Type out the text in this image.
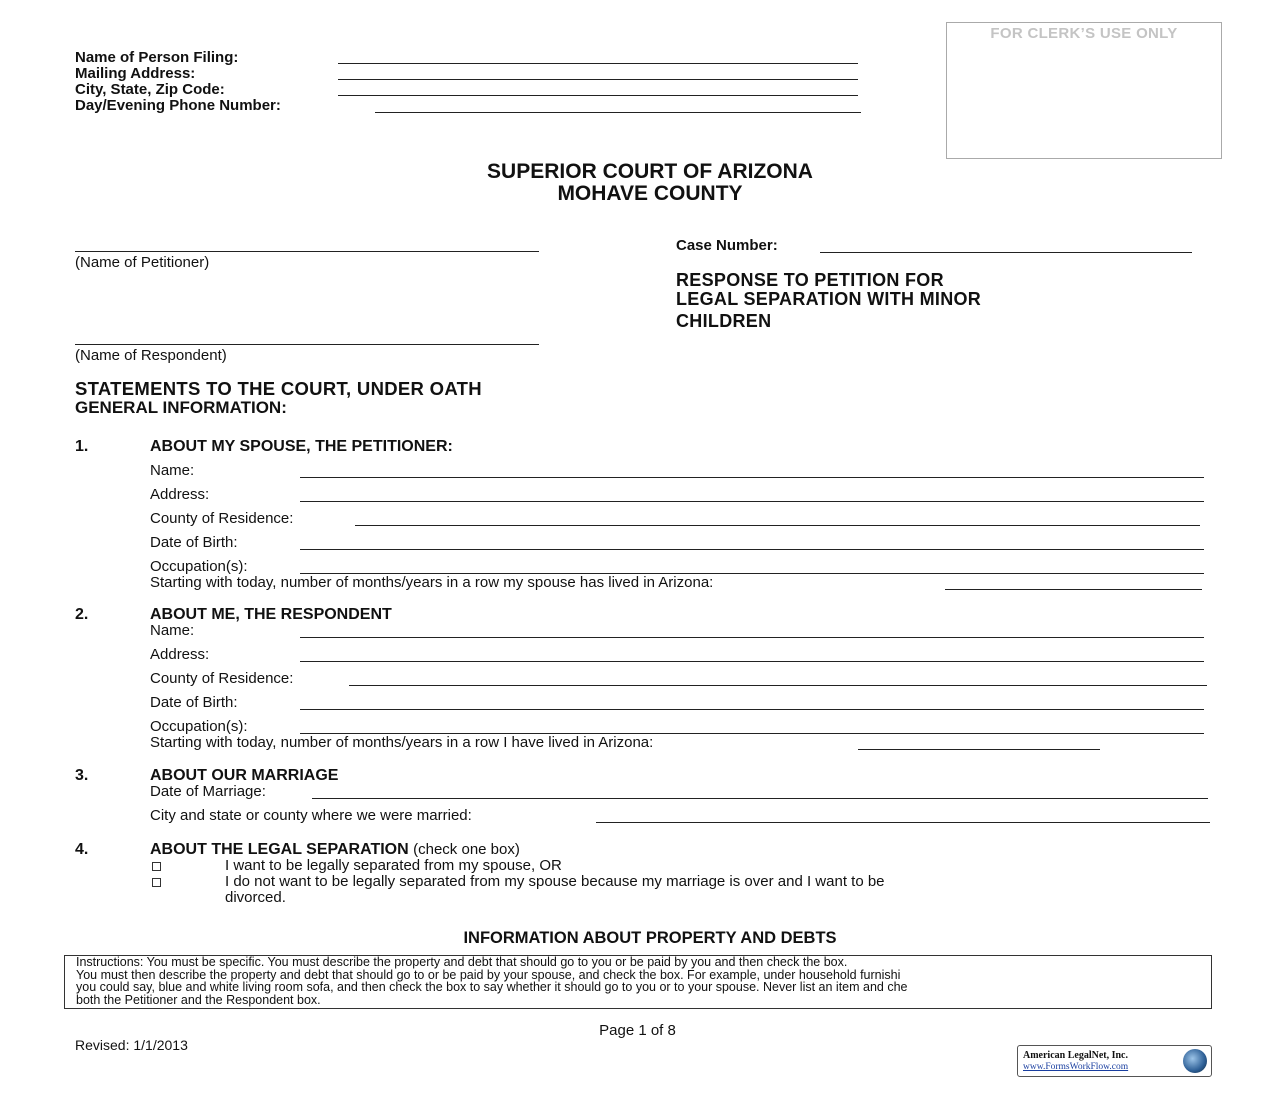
Name of Person Filing:
Mailing Address:
City, State, Zip Code:
Day/Evening Phone Number:
FOR CLERK’S USE ONLY
SUPERIOR COURT OF ARIZONA
MOHAVE COUNTY
(Name of Petitioner)
(Name of Respondent)
Case Number:
RESPONSE TO PETITION FOR
LEGAL SEPARATION WITH MINOR
CHILDREN
STATEMENTS TO THE COURT, UNDER OATH
GENERAL INFORMATION:
1.	ABOUT MY SPOUSE, THE PETITIONER:
Name:
Address:
County of Residence:
Date of Birth:
Occupation(s):
Starting with today, number of months/years in a row my spouse has lived in Arizona:
2.	ABOUT ME, THE RESPONDENT
Name:
Address:
County of Residence:
Date of Birth:
Occupation(s):
Starting with today, number of months/years in a row I have lived in Arizona:
3.	ABOUT OUR MARRIAGE
Date of Marriage:
City and state or county where we were married:
4.	ABOUT THE LEGAL SEPARATION (check one box)
I want to be legally separated from my spouse, OR
I do not want to be legally separated from my spouse because my marriage is over and I want to be
divorced.
INFORMATION ABOUT PROPERTY AND DEBTS

Instructions: You must be specific. You must describe the property and debt that should go to you or be paid by you and then check the box.

You must then describe the property and debt that should go to or be paid by your spouse, and check the box. For example, under household furnishi

you could say, blue and white living room sofa, and then check the box to say whether it should go to you or to your spouse. Never list an item and che

both the Petitioner and the Respondent box.

Page 1 of 8
Revised: 1/1/2013
American LegalNet, Inc.
www.FormsWorkFlow.com
